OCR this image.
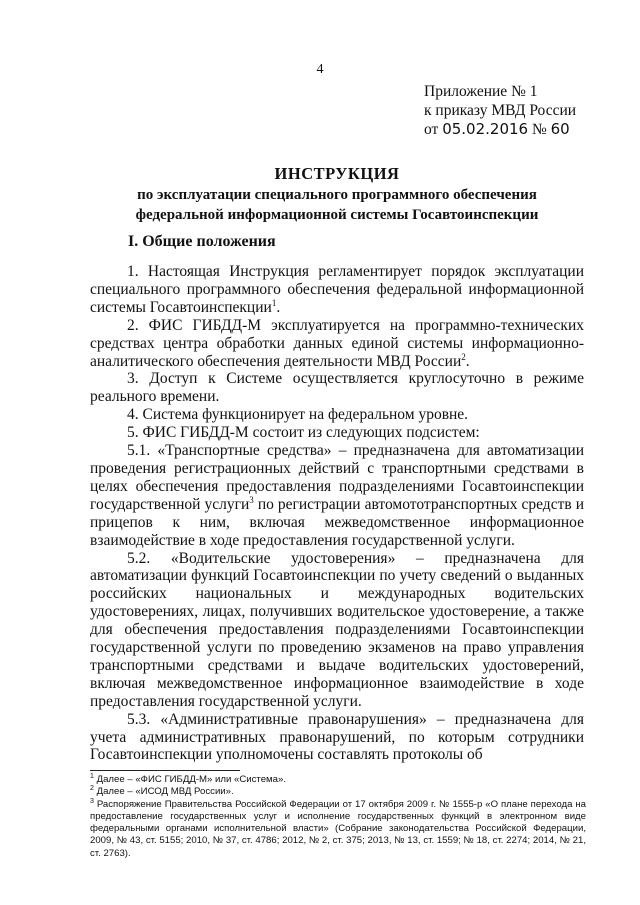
4
Приложение № 1
к приказу МВД России
от 05.02.2016 № 60
ИНСТРУКЦИЯ
по эксплуатации специального программного обеспечения
федеральной информационной системы Госавтоинспекции
I. Общие положения

1. Настоящая Инструкция регламентирует порядок эксплуатации специального программного обеспечения федеральной информационной системы Госавтоинспекции$^1$.

2. ФИС ГИБДД-М эксплуатируется на программно-технических средствах центра обработки данных единой системы информационно-аналитического обеспечения деятельности МВД России$^2$.

3. Доступ к Системе осуществляется круглосуточно в режиме реального времени.

4. Система функционирует на федеральном уровне.

5. ФИС ГИБДД-М состоит из следующих подсистем:

5.1. «Транспортные средства» – предназначена для автоматизации проведения регистрационных действий с транспортными средствами в целях обеспечения предоставления подразделениями Госавтоинспекции государственной услуги$^3$ по регистрации автомототранспортных средств и прицепов к ним, включая межведомственное информационное взаимодействие в ходе предоставления государственной услуги.

5.2. «Водительские удостоверения» – предназначена для автоматизации функций Госавтоинспекции по учету сведений о выданных российских национальных и международных водительских удостоверениях, лицах, получивших водительское удостоверение, а также для обеспечения предоставления подразделениями Госавтоинспекции государственной услуги по проведению экзаменов на право управления транспортными средствами и выдаче водительских удостоверений, включая межведомственное информационное взаимодействие в ходе предоставления государственной услуги.

5.3. «Административные правонарушения» – предназначена для учета административных правонарушений, по которым сотрудники Госавтоинспекции уполномочены составлять протоколы об

$^1$ Далее – «ФИС ГИБДД-М» или «Система».

$^2$ Далее – «ИСОД МВД России».

$^3$ Распоряжение Правительства Российской Федерации от 17 октября 2009 г. № 1555-р «О плане перехода на предоставление государственных услуг и исполнение государственных функций в электронном виде федеральными органами исполнительной власти» (Собрание законодательства Российской Федерации, 2009, № 43, ст. 5155; 2010, № 37, ст. 4786; 2012, № 2, ст. 375; 2013, № 13, ст. 1559; № 18, ст. 2274; 2014, № 21, ст. 2763).
